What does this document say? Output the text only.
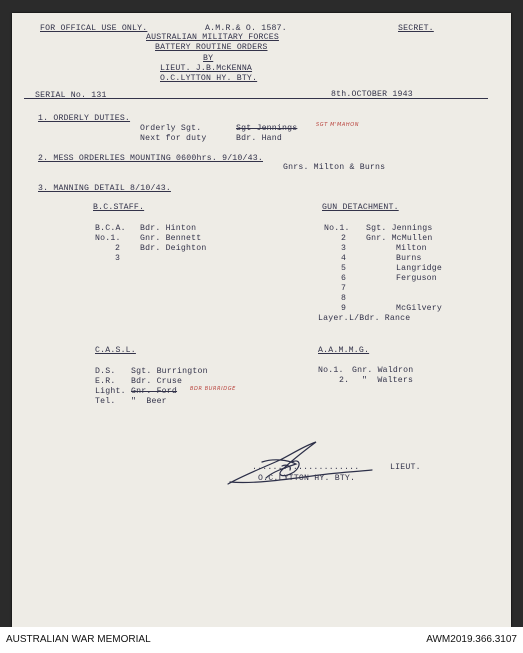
FOR OFFICAL USE ONLY.	A.M.R.& O. 1587.	SECRET.
AUSTRALIAN MILITARY FORCES
BATTERY ROUTINE ORDERS
BY
LIEUT. J.B.McKENNA
O.C.LYTTON HY. BTY.
SERIAL No. 131	8th.OCTOBER 1943
1. ORDERLY DUTIES.
Orderly Sgt.	Sgt Jennings	SGT M'MAHON
Next for duty	Bdr. Hand
2. MESS ORDERLIES MOUNTING 0600hrs. 9/10/43.
Gnrs. Milton & Burns
3. MANNING DETAIL 8/10/43.
B.C.STAFF.
B.C.A. Bdr. Hinton
No.1. Gnr. Bennett
2 Bdr. Deighton
3
GUN DETACHMENT.
No.1. Sgt. Jennings
2 Gnr. McMullen
3	Milton
4	Burns
5	Langridge
6	Ferguson
7
8
9	McGilvery
Layer. L/Bdr. Rance
C.A.S.L.
D.S. Sgt. Burrington
E.R. Bdr. Cruse
Light. Gnr. Ford	BDR BURRIDGE
Tel. "  Beer
A.A.M.M.G.
No.1. Gnr. Waldron
2. "  Walters
.....................	LIEUT.
O.C.LYTTON HY. BTY.
AUSTRALIAN WAR MEMORIAL	AWM2019.366.3107
